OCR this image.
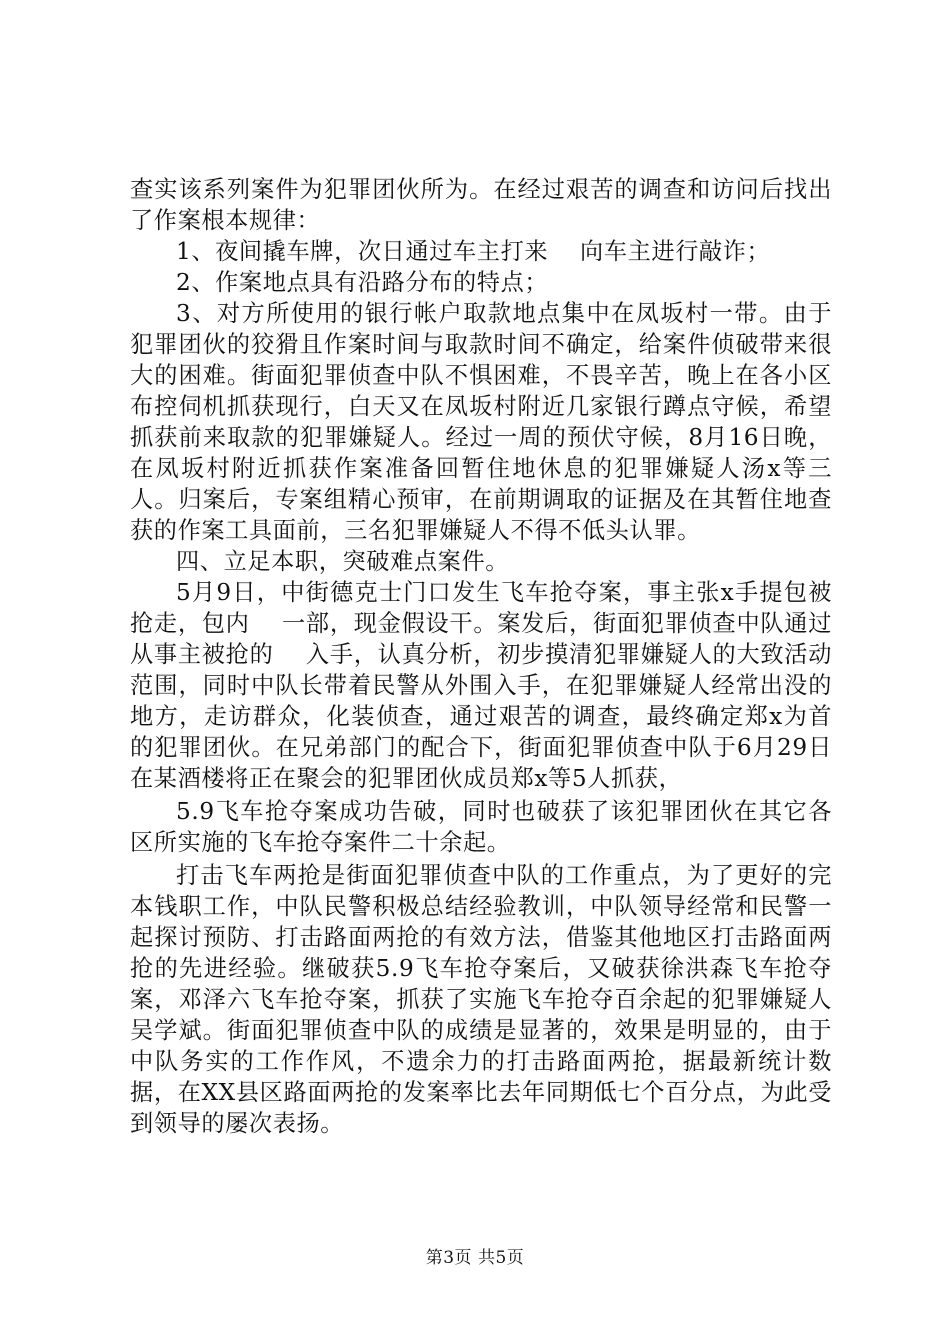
查实该系列案件为犯罪团伙所为。在经过艰苦的调查和访问后找出了作案根本规律：

1、夜间撬车牌，次日通过车主打来    向车主进行敲诈；

2、作案地点具有沿路分布的特点；

3、对方所使用的银行帐户取款地点集中在凤坂村一带。由于犯罪团伙的狡猾且作案时间与取款时间不确定，给案件侦破带来很大的困难。街面犯罪侦查中队不惧困难，不畏辛苦，晚上在各小区布控伺机抓获现行，白天又在凤坂村附近几家银行蹲点守候，希望抓获前来取款的犯罪嫌疑人。经过一周的预伏守候，8月16日晚，在凤坂村附近抓获作案准备回暂住地休息的犯罪嫌疑人汤x等三人。归案后，专案组精心预审，在前期调取的证据及在其暂住地查获的作案工具面前，三名犯罪嫌疑人不得不低头认罪。

四、立足本职，突破难点案件。

5月9日，中街德克士门口发生飞车抢夺案，事主张x手提包被抢走，包内    一部，现金假设干。案发后，街面犯罪侦查中队通过从事主被抢的    入手，认真分析，初步摸清犯罪嫌疑人的大致活动范围，同时中队长带着民警从外围入手，在犯罪嫌疑人经常出没的地方，走访群众，化装侦查，通过艰苦的调查，最终确定郑x为首的犯罪团伙。在兄弟部门的配合下，街面犯罪侦查中队于6月29日在某酒楼将正在聚会的犯罪团伙成员郑x等5人抓获，

5.9飞车抢夺案成功告破，同时也破获了该犯罪团伙在其它各区所实施的飞车抢夺案件二十余起。

打击飞车两抢是街面犯罪侦查中队的工作重点，为了更好的完本钱职工作，中队民警积极总结经验教训，中队领导经常和民警一起探讨预防、打击路面两抢的有效方法，借鉴其他地区打击路面两抢的先进经验。继破获5.9飞车抢夺案后，又破获徐洪森飞车抢夺案，邓泽六飞车抢夺案，抓获了实施飞车抢夺百余起的犯罪嫌疑人吴学斌。街面犯罪侦查中队的成绩是显著的，效果是明显的，由于中队务实的工作作风，不遗余力的打击路面两抢，据最新统计数据，在XX县区路面两抢的发案率比去年同期低七个百分点，为此受到领导的屡次表扬。

第3页 共5页
